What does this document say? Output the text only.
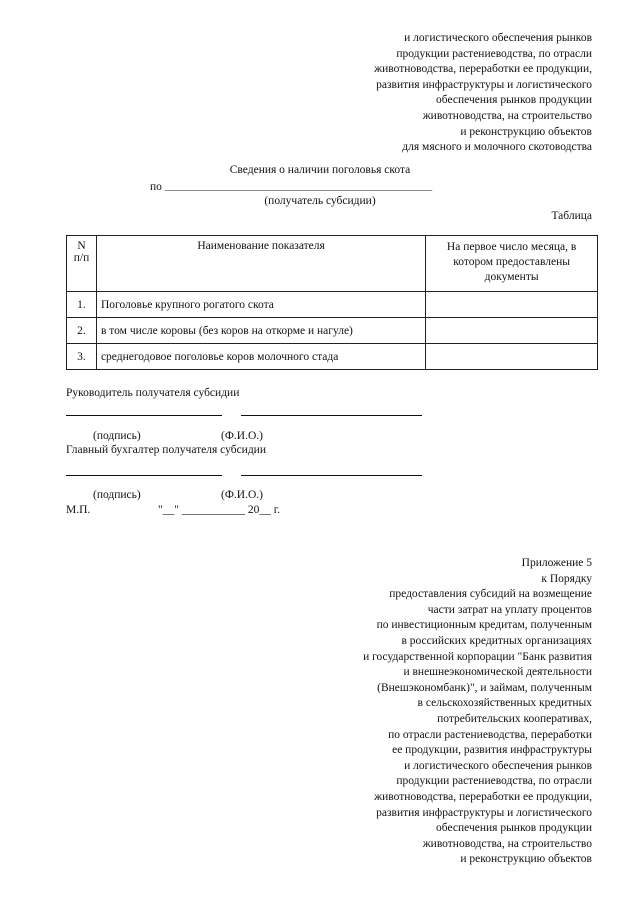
и логистического обеспечения рынков
продукции растениеводства, по отрасли
животноводства, переработки ее продукции,
развития инфраструктуры и логистического
обеспечения рынков продукции
животноводства, на строительство
и реконструкцию объектов
для мясного и молочного скотоводства
Сведения о наличии поголовья скота
по ____________________________________________________________
(получатель субсидии)
Таблица
N
п/п	Наименование показателя	На первое число месяца, в котором предоставлены документы
1.	Поголовье крупного рогатого скота	
2.	в том числе коровы (без коров на откорме и нагуле)	
3.	среднегодовое поголовье коров молочного стада	
Руководитель получателя субсидии
(подпись)	(Ф.И.О.)
Главный бухгалтер получателя субсидии
(подпись)	(Ф.И.О.)
М.П.	"__" ___________ 20__ г.
Приложение 5
к Порядку
предоставления субсидий на возмещение
части затрат на уплату процентов
по инвестиционным кредитам, полученным
в российских кредитных организациях
и государственной корпорации "Банк развития
и внешнеэкономической деятельности
(Внешэкономбанк)", и займам, полученным
в сельскохозяйственных кредитных
потребительских кооперативах,
по отрасли растениеводства, переработки
ее продукции, развития инфраструктуры
и логистического обеспечения рынков
продукции растениеводства, по отрасли
животноводства, переработки ее продукции,
развития инфраструктуры и логистического
обеспечения рынков продукции
животноводства, на строительство
и реконструкцию объектов
